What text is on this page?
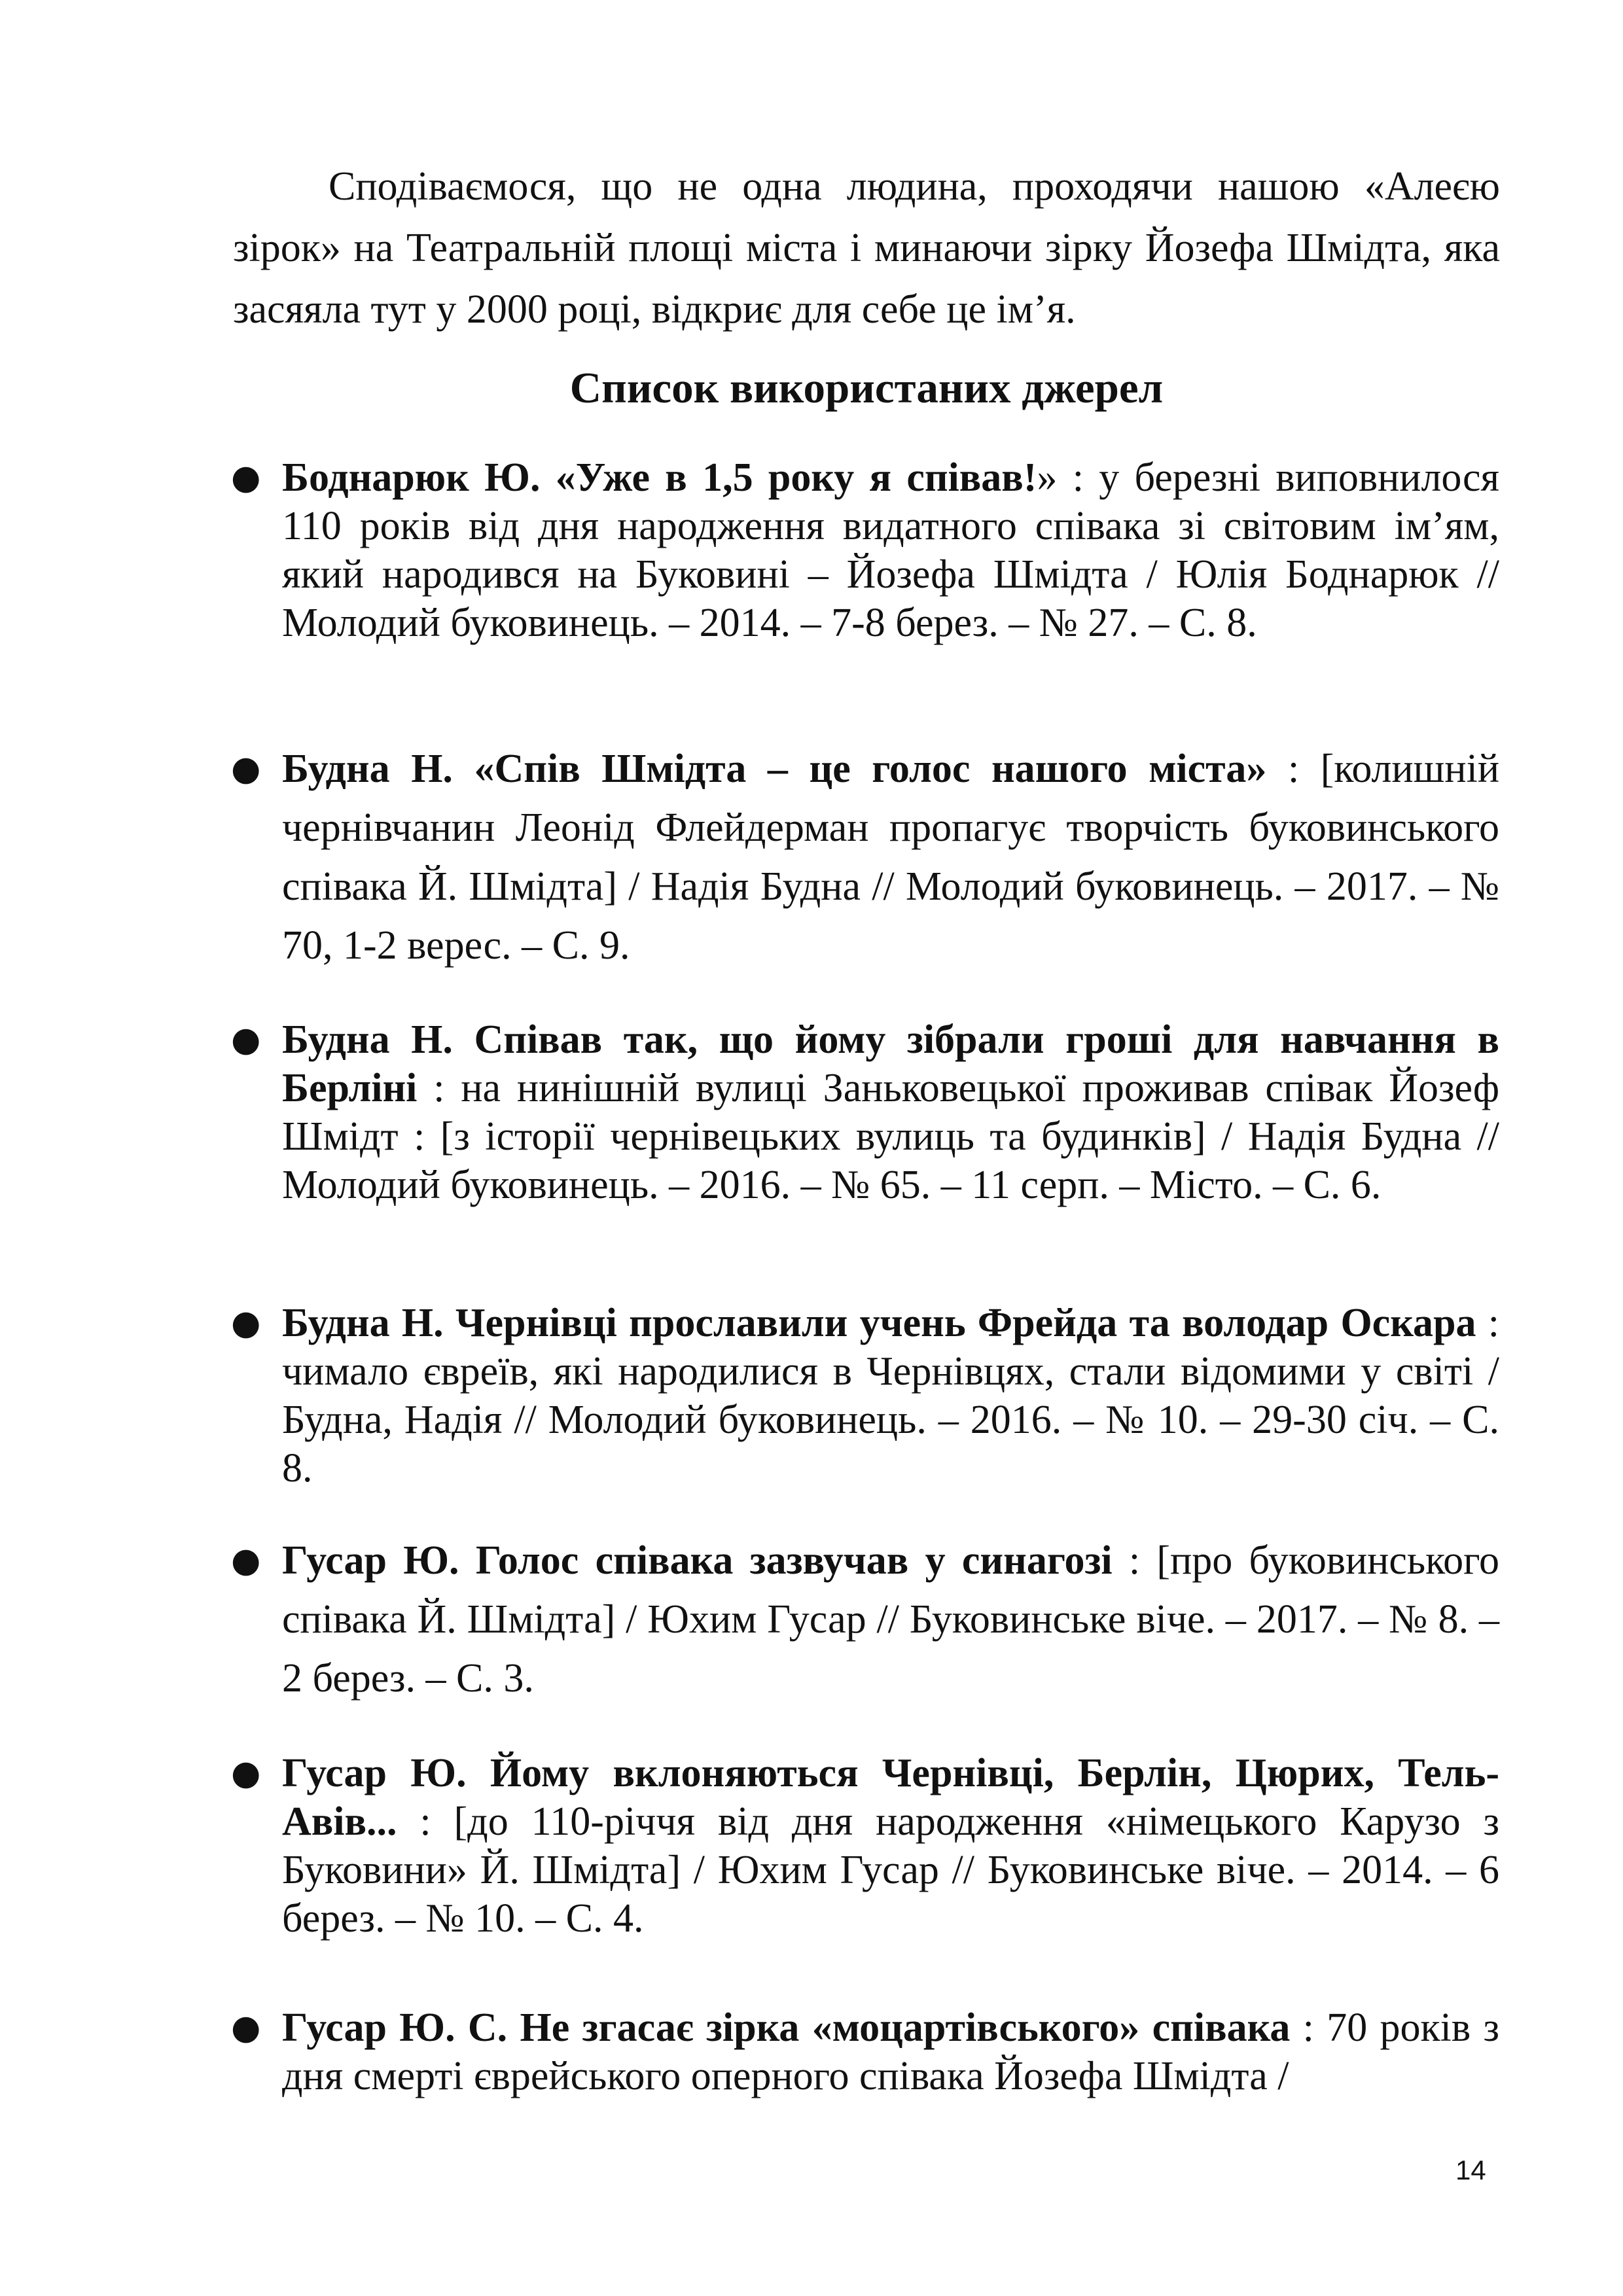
Сподіваємося, що не одна людина, проходячи нашою «Алеєю зірок» на Театральній площі міста і минаючи зірку Йозефа Шмідта, яка засяяла тут у 2000 році, відкриє для себе це ім’я.

Список використаних джерел
● Боднарюк Ю. «Уже в 1,5 року я співав!» : у березні виповнилося 110 років від дня народження видатного співака зі світовим ім’ям, який народився на Буковині – Йозефа Шмідта / Юлія Боднарюк // Молодий буковинець. – 2014. – 7-8 берез. – № 27. – С. 8.
● Будна Н. «Спів Шмідта – це голос нашого міста» : [колишній чернівчанин Леонід Флейдерман пропагує творчість буковинського співака Й. Шмідта] / Надія Будна // Молодий буковинець. – 2017. – № 70, 1-2 верес. – С. 9.
● Будна Н. Співав так, що йому зібрали гроші для навчання в Берліні : на нинішній вулиці Заньковецької проживав співак Йозеф Шмідт : [з історії чернівецьких вулиць та будинків] / Надія Будна // Молодий буковинець. – 2016. – № 65. – 11 серп. – Місто. – С. 6.
● Будна Н. Чернівці прославили учень Фрейда та володар Оскара : чимало євреїв, які народилися в Чернівцях, стали відомими у світі / Будна, Надія // Молодий буковинець. – 2016. – № 10. – 29-30 січ. – С. 8.
● Гусар Ю. Голос співака зазвучав у синагозі : [про буковинського співака Й. Шмідта] / Юхим Гусар // Буковинське віче. – 2017. – № 8. – 2 берез. – С. 3.
● Гусар Ю. Йому вклоняються Чернівці, Берлін, Цюрих, Тель-Авів... : [до 110-річчя від дня народження «німецького Карузо з Буковини» Й. Шмідта] / Юхим Гусар // Буковинське віче. – 2014. – 6 берез. – № 10. – С. 4.
● Гусар Ю. С. Не згасає зірка «моцартівського» співака : 70 років з дня смерті єврейського оперного співака Йозефа Шмідта /
14
